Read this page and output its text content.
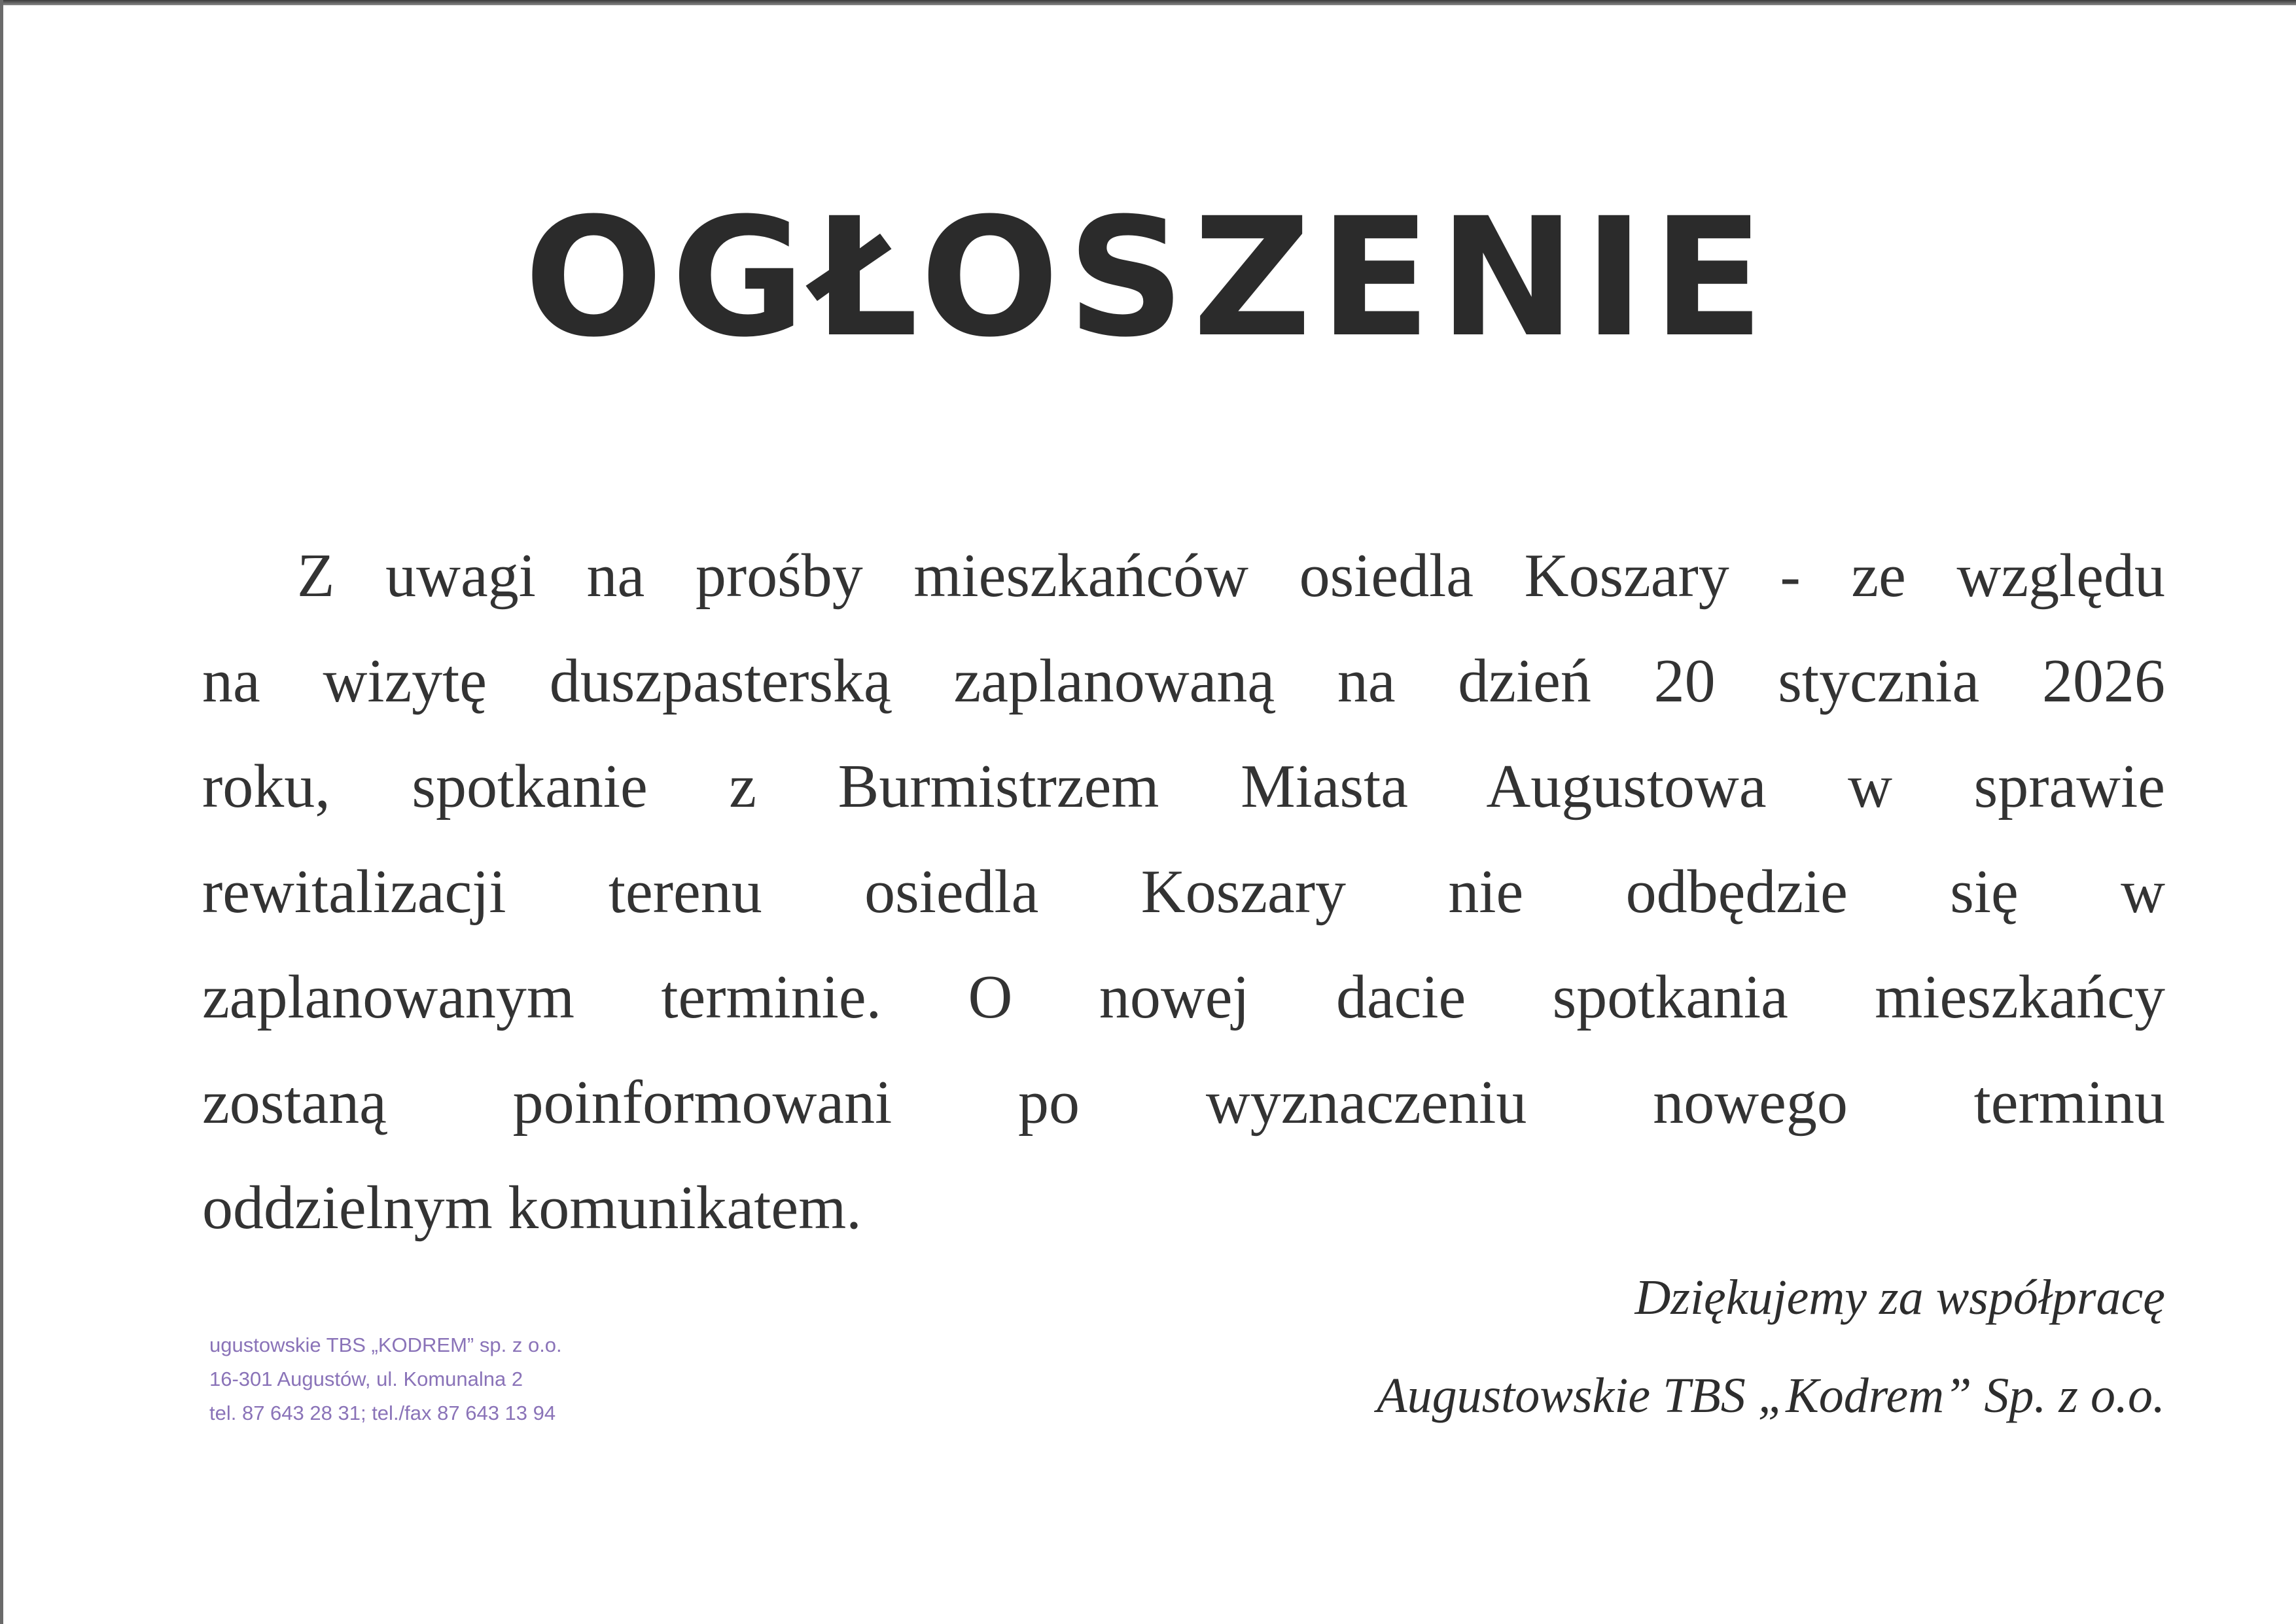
OGŁOSZENIE
Z uwagi na prośby mieszkańców osiedla Koszary - ze względu
na wizytę duszpasterską zaplanowaną na dzień 20 stycznia 2026
roku, spotkanie z Burmistrzem Miasta Augustowa w sprawie
rewitalizacji terenu osiedla Koszary nie odbędzie się w
zaplanowanym terminie. O nowej dacie spotkania mieszkańcy
zostaną poinformowani po wyznaczeniu nowego terminu
oddzielnym komunikatem.
Dziękujemy za współpracę
Augustowskie TBS „Kodrem” Sp. z o.o.
ugustowskie TBS „KODREM” sp. z o.o.
16-301 Augustów, ul. Komunalna 2
tel. 87 643 28 31; tel./fax 87 643 13 94
